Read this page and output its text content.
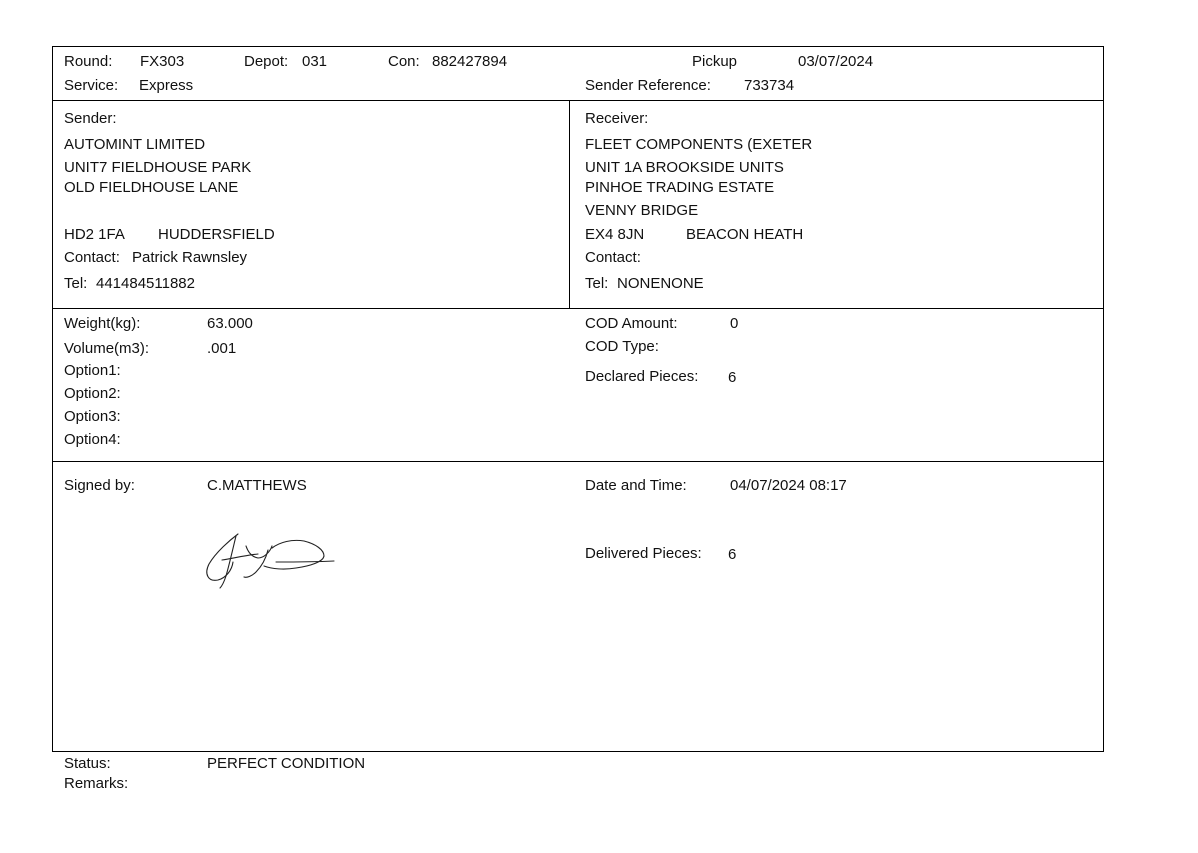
Round: FX303	Depot: 031	Con: 882427894	Pickup	03/07/2024
Service: Express	Sender Reference: 733734
Sender:
AUTOMINT LIMITED
UNIT7 FIELDHOUSE PARK
OLD FIELDHOUSE LANE
HD2 1FA HUDDERSFIELD
Contact: Patrick Rawnsley
Tel: 441484511882
Receiver:
FLEET COMPONENTS (EXETER
UNIT 1A BROOKSIDE UNITS
PINHOE TRADING ESTATE
VENNY BRIDGE
EX4 8JN	BEACON HEATH
Contact:
Tel: NONENONE
Weight(kg):	63.000
Volume(m3):	.001
Option1:
Option2:
Option3:
Option4:
COD Amount:	0
COD Type:
Declared Pieces: 6
Signed by:	C.MATTHEWS	Date and Time:	04/07/2024 08:17
Delivered Pieces: 6
Status:	PERFECT CONDITION
Remarks:
